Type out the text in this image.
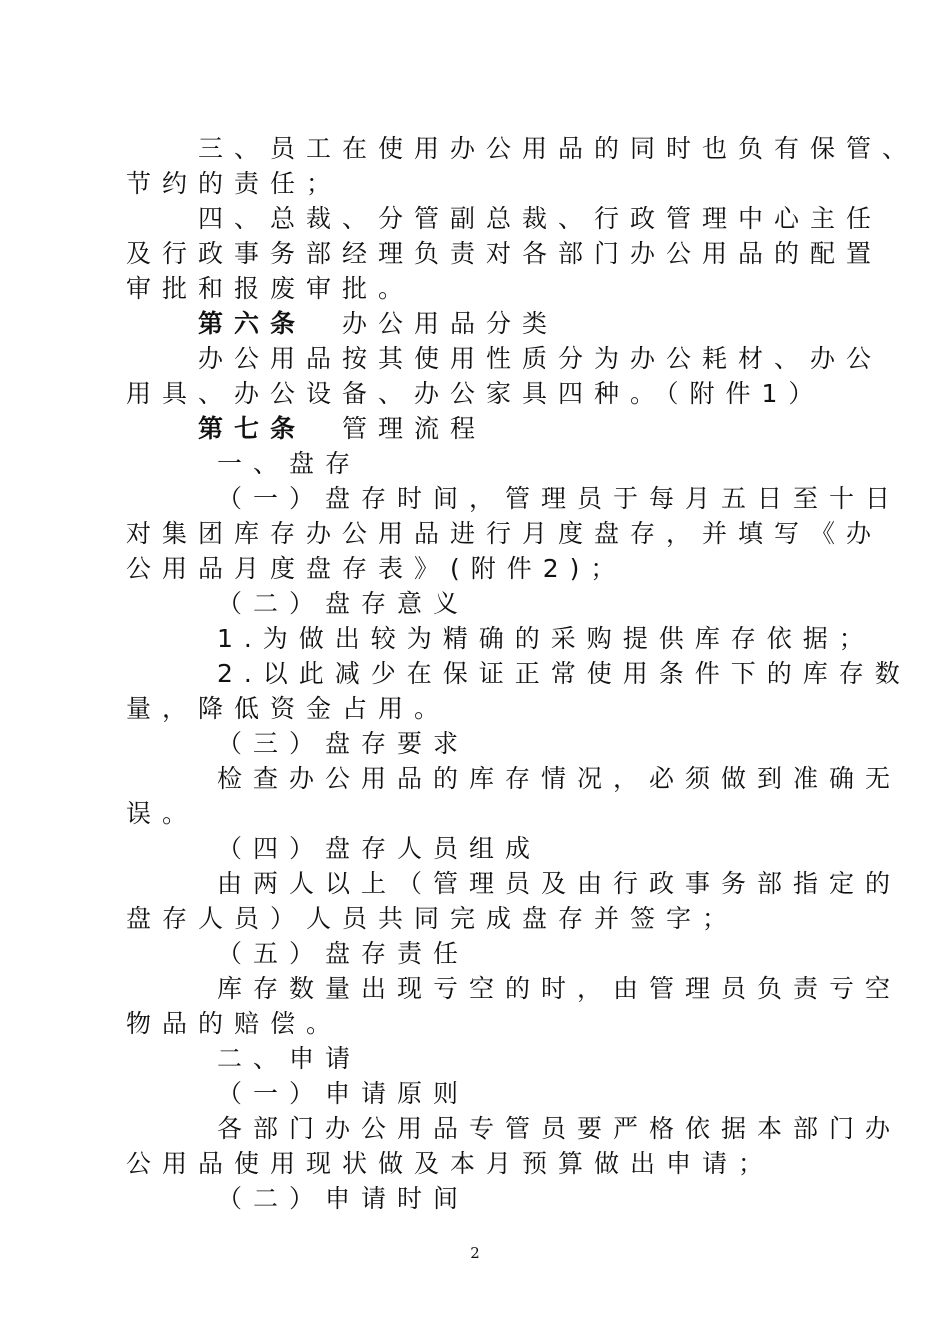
　　三、员工在使用办公用品的同时也负有保管、
节约的责任；
　　四、总裁、分管副总裁、行政管理中心主任
及行政事务部经理负责对各部门办公用品的配置
审批和报废审批。
　　第六条　 办公用品分类
　　办公用品按其使用性质分为办公耗材、办公
用具、办公设备、办公家具四种。（附件1）
　　第七条　 管理流程
　　 一、盘存
　　 （一）盘存时间，管理员于每月五日至十日
对集团库存办公用品进行月度盘存，并填写《办
公用品月度盘存表》(附件2)；
　　 （二）盘存意义
　　 1.为做出较为精确的采购提供库存依据；
　　 2.以此减少在保证正常使用条件下的库存数
量，降低资金占用。
　　 （三）盘存要求
　　 检查办公用品的库存情况，必须做到准确无
误。
　　 （四）盘存人员组成
　　 由两人以上（管理员及由行政事务部指定的
盘存人员）人员共同完成盘存并签字；
　　 （五）盘存责任
　　 库存数量出现亏空的时，由管理员负责亏空
物品的赔偿。
　　 二、申请
　　 （一）申请原则
　　 各部门办公用品专管员要严格依据本部门办
公用品使用现状做及本月预算做出申请；
　　 （二）申请时间
2
